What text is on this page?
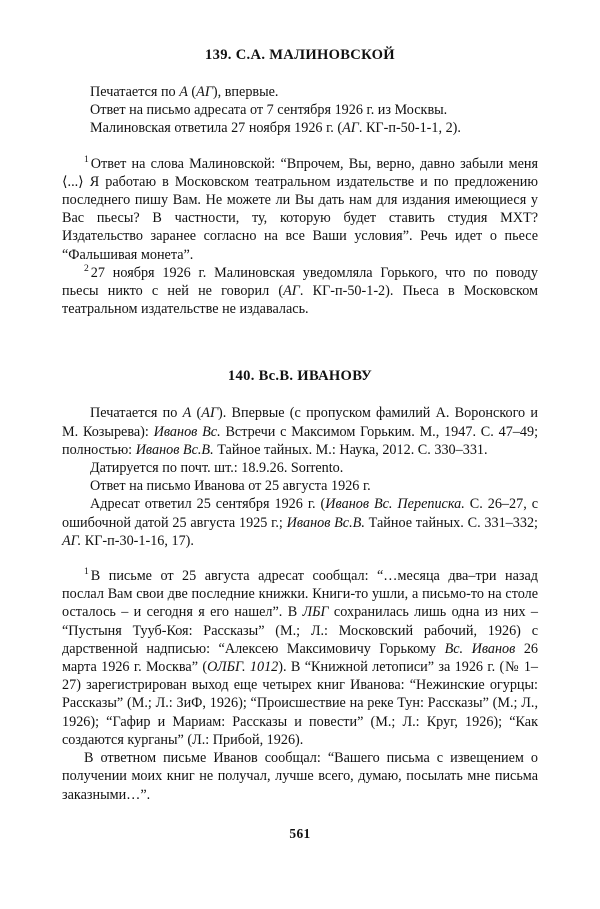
139. С.А. МАЛИНОВСКОЙ

Печатается по А (АГ), впервые.

Ответ на письмо адресата от 7 сентября 1926 г. из Москвы.

Малиновская ответила 27 ноября 1926 г. (АГ. КГ-п-50-1-1, 2).

$^1$ Ответ на слова Малиновской: “Впрочем, Вы, верно, давно забыли меня ⟨...⟩ Я работаю в Московском театральном издательстве и по предложению последнего пишу Вам. Не можете ли Вы дать нам для издания имеющиеся у Вас пьесы? В частности, ту, которую будет ставить студия МХТ? Издательство заранее согласно на все Ваши условия”. Речь идет о пьесе “Фальшивая монета”.

$^2$ 27 ноября 1926 г. Малиновская уведомляла Горького, что по поводу пьесы никто с ней не говорил (АГ. КГ-п-50-1-2). Пьеса в Московском театральном издательстве не издавалась.

140. Вс.В. ИВАНОВУ

Печатается по А (АГ). Впервые (с пропуском фамилий А. Воронского и М. Козырева): Иванов Вс. Встречи с Максимом Горьким. М., 1947. С. 47–49; полностью: Иванов Вс.В. Тайное тайных. М.: Наука, 2012. С. 330–331.

Датируется по почт. шт.: 18.9.26. Sorrento.

Ответ на письмо Иванова от 25 августа 1926 г.

Адресат ответил 25 сентября 1926 г. (Иванов Вс. Переписка. С. 26–27, с ошибочной датой 25 августа 1925 г.; Иванов Вс.В. Тайное тайных. С. 331–332; АГ. КГ-п-30-1-16, 17).

$^1$ В письме от 25 августа адресат сообщал: “…месяца два–три назад послал Вам свои две последние книжки. Книги-то ушли, а письмо-то на столе осталось – и сегодня я его нашел”. В ЛБГ сохранилась лишь одна из них – “Пустыня Тууб-Коя: Рассказы” (М.; Л.: Московский рабочий, 1926) с дарственной надписью: “Алексею Максимовичу Горькому Вс. Иванов 26 марта 1926 г. Москва” (ОЛБГ. 1012). В “Книжной летописи” за 1926 г. (№ 1–27) зарегистрирован выход еще четырех книг Иванова: “Нежинские огурцы: Рассказы” (М.; Л.: ЗиФ, 1926); “Происшествие на реке Тун: Рассказы” (М.; Л., 1926); “Гафир и Мариам: Рассказы и повести” (М.; Л.: Круг, 1926); “Как создаются курганы” (Л.: Прибой, 1926).

В ответном письме Иванов сообщал: “Вашего письма с извещением о получении моих книг не получал, лучше всего, думаю, посылать мне письма заказными…”.

561
